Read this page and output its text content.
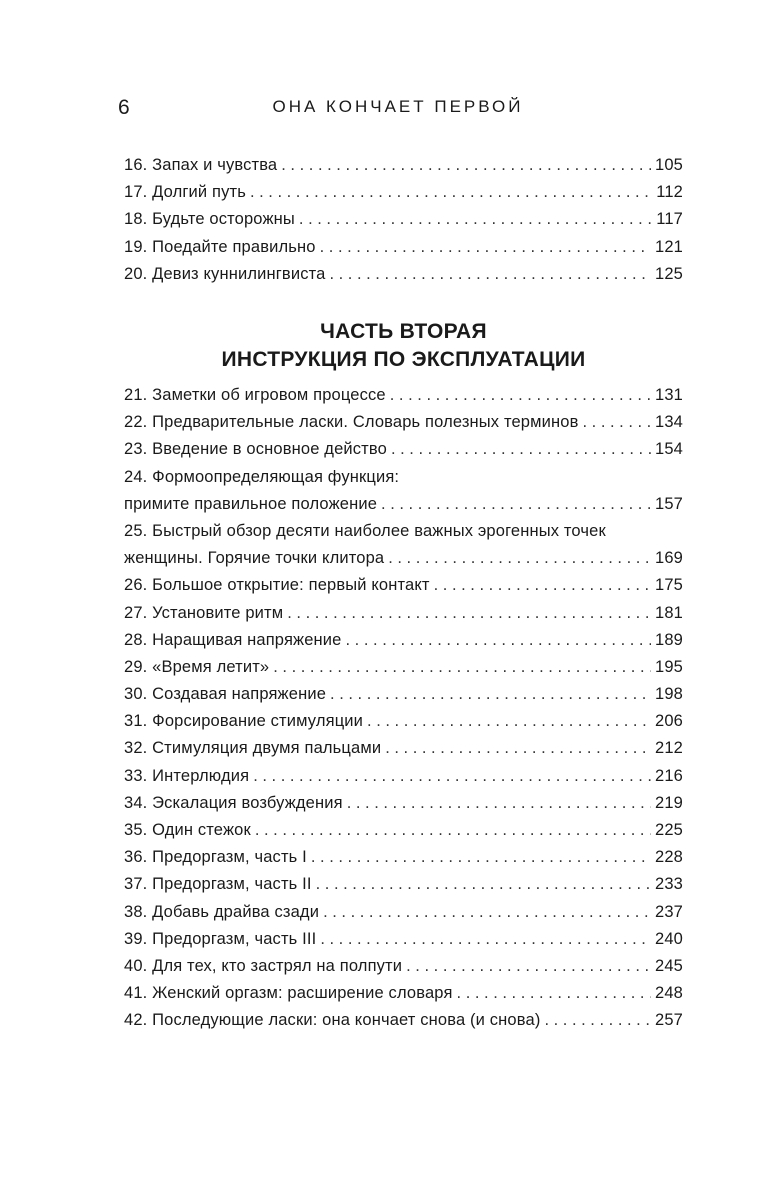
6	ОНА КОНЧАЕТ ПЕРВОЙ
16. Запах и чувства . . .	105
17. Долгий путь . . .	112
18. Будьте осторожны . . .	117
19. Поедайте правильно . . .	121
20. Девиз куннилингвиста . . .	125
ЧАСТЬ ВТОРАЯ
ИНСТРУКЦИЯ ПО ЭКСПЛУАТАЦИИ
21. Заметки об игровом процессе . . .	131
22. Предварительные ласки. Словарь полезных терминов . . .	134
23. Введение в основное действо . . .	154
24. Формоопределяющая функция:
примите правильное положение . . .	157
25. Быстрый обзор десяти наиболее важных эрогенных точек
женщины. Горячие точки клитора . . .	169
26. Большое открытие: первый контакт . . .	175
27. Установите ритм . . .	181
28. Наращивая напряжение . . .	189
29. «Время летит» . . .	195
30. Создавая напряжение . . .	198
31. Форсирование стимуляции . . .	206
32. Стимуляция двумя пальцами . . .	212
33. Интерлюдия . . .	216
34. Эскалация возбуждения . . .	219
35. Один стежок . . .	225
36. Предоргазм, часть I . . .	228
37. Предоргазм, часть II . . .	233
38. Добавь драйва сзади . . .	237
39. Предоргазм, часть III . . .	240
40. Для тех, кто застрял на полпути . . .	245
41. Женский оргазм: расширение словаря . . .	248
42. Последующие ласки: она кончает снова (и снова) . . .	257
